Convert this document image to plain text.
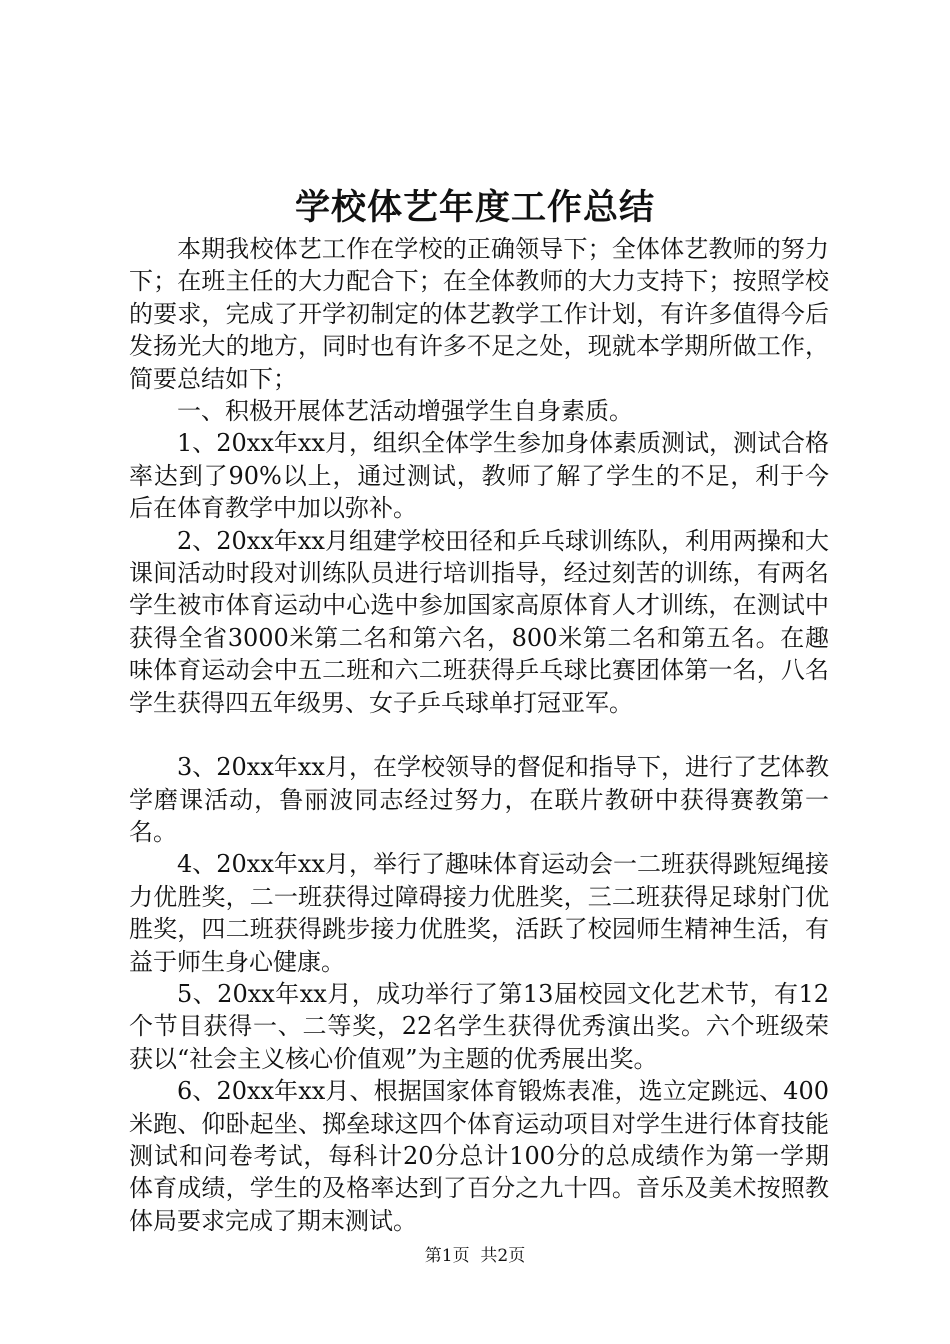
学校体艺年度工作总结

本期我校体艺工作在学校的正确领导下；全体体艺教师的努力下；在班主任的大力配合下；在全体教师的大力支持下；按照学校的要求，完成了开学初制定的体艺教学工作计划，有许多值得今后发扬光大的地方，同时也有许多不足之处，现就本学期所做工作，简要总结如下；

一、积极开展体艺活动增强学生自身素质。

1、20xx年xx月，组织全体学生参加身体素质测试，测试合格率达到了90%以上，通过测试，教师了解了学生的不足，利于今后在体育教学中加以弥补。

2、20xx年xx月组建学校田径和乒乓球训练队，利用两操和大课间活动时段对训练队员进行培训指导，经过刻苦的训练，有两名学生被市体育运动中心选中参加国家高原体育人才训练，在测试中获得全省3000米第二名和第六名，800米第二名和第五名。在趣味体育运动会中五二班和六二班获得乒乓球比赛团体第一名，八名学生获得四五年级男、女子乒乓球单打冠亚军。

3、20xx年xx月，在学校领导的督促和指导下，进行了艺体教学磨课活动，鲁丽波同志经过努力，在联片教研中获得赛教第一名。

4、20xx年xx月，举行了趣味体育运动会一二班获得跳短绳接力优胜奖，二一班获得过障碍接力优胜奖，三二班获得足球射门优胜奖，四二班获得跳步接力优胜奖，活跃了校园师生精神生活，有益于师生身心健康。

5、20xx年xx月，成功举行了第13届校园文化艺术节，有12个节目获得一、二等奖，22名学生获得优秀演出奖。六个班级荣获以“社会主义核心价值观”为主题的优秀展出奖。

6、20xx年xx月、根据国家体育锻炼表准，选立定跳远、400米跑、仰卧起坐、掷垒球这四个体育运动项目对学生进行体育技能测试和问卷考试，每科计20分总计100分的总成绩作为第一学期体育成绩，学生的及格率达到了百分之九十四。音乐及美术按照教体局要求完成了期末测试。

第1页  共2页
